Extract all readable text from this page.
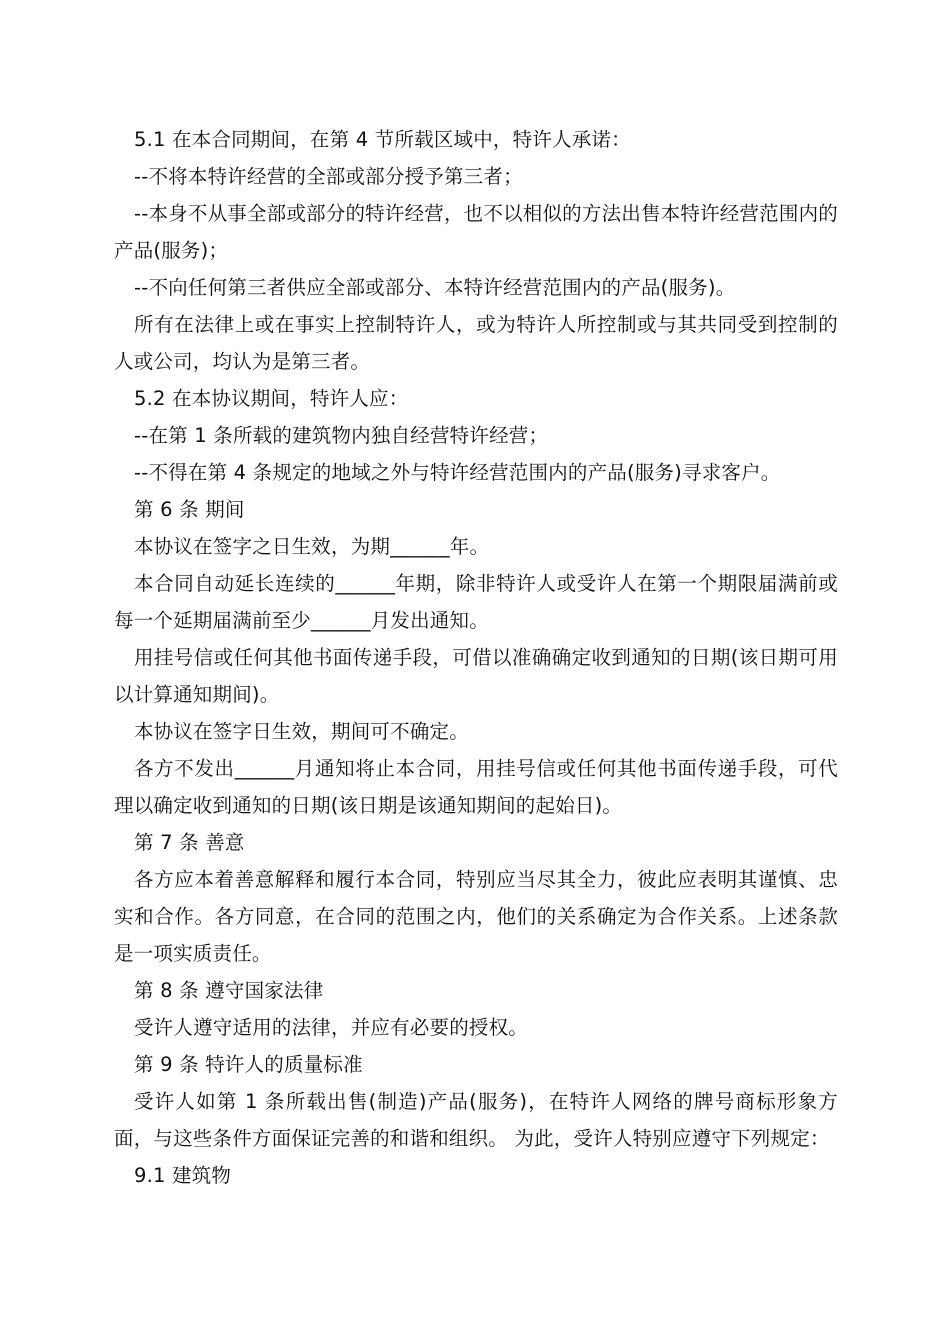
5.1 在本合同期间，在第 4 节所载区域中，特许人承诺：

--不将本特许经营的全部或部分授予第三者；

--本身不从事全部或部分的特许经营，也不以相似的方法出售本特许经营范围内的产品(服务)；

--不向任何第三者供应全部或部分、本特许经营范围内的产品(服务)。

所有在法律上或在事实上控制特许人，或为特许人所控制或与其共同受到控制的人或公司，均认为是第三者。

5.2 在本协议期间，特许人应：

--在第 1 条所载的建筑物内独自经营特许经营；

--不得在第 4 条规定的地域之外与特许经营范围内的产品(服务)寻求客户。

第 6 条 期间

本协议在签字之日生效，为期______年。

本合同自动延长连续的______年期，除非特许人或受许人在第一个期限届满前或每一个延期届满前至少______月发出通知。

用挂号信或任何其他书面传递手段，可借以准确确定收到通知的日期(该日期可用以计算通知期间)。

本协议在签字日生效，期间可不确定。

各方不发出______月通知将止本合同，用挂号信或任何其他书面传递手段，可代理以确定收到通知的日期(该日期是该通知期间的起始日)。

第 7 条 善意

各方应本着善意解释和履行本合同，特别应当尽其全力，彼此应表明其谨慎、忠实和合作。各方同意，在合同的范围之内，他们的关系确定为合作关系。上述条款是一项实质责任。

第 8 条 遵守国家法律

受许人遵守适用的法律，并应有必要的授权。

第 9 条 特许人的质量标准

受许人如第 1 条所载出售(制造)产品(服务)，在特许人网络的牌号商标形象方面，与这些条件方面保证完善的和谐和组织。 为此，受许人特别应遵守下列规定：

9.1 建筑物
